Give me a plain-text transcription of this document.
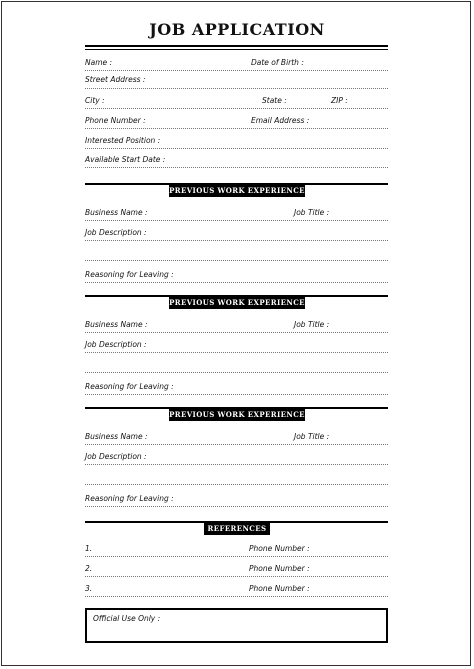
JOB APPLICATION
Name :	Date of Birth :
Street Address :
City :	State :	ZIP :
Phone Number :	Email Address :
Interested Position :
Available Start Date :
PREVIOUS WORK EXPERIENCE 1
Business Name :	Job Title :
Job Description :
Reasoning for Leaving :
PREVIOUS WORK EXPERIENCE 2
Business Name :	Job Title :
Job Description :
Reasoning for Leaving :
PREVIOUS WORK EXPERIENCE 3
Business Name :	Job Title :
Job Description :
Reasoning for Leaving :
REFERENCES
1.	Phone Number :
2.	Phone Number :
3.	Phone Number :
Official Use Only :
